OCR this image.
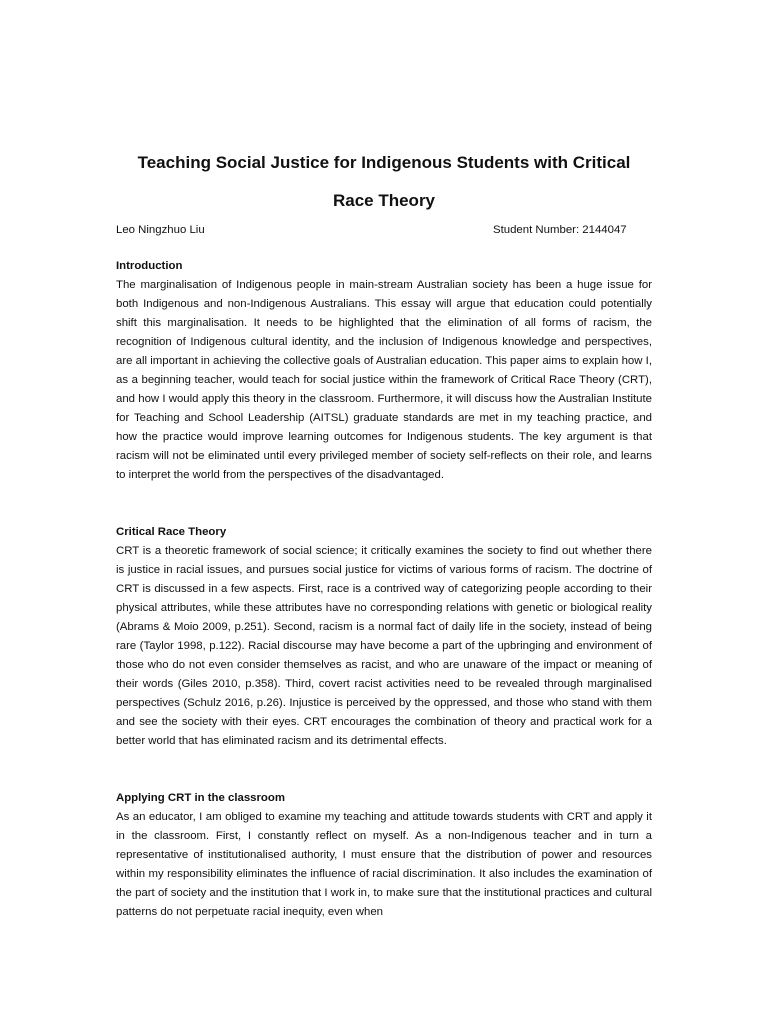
Teaching Social Justice for Indigenous Students with Critical
Race Theory
Leo Ningzhuo Liu	Student Number: 2144047
Introduction

The marginalisation of Indigenous people in main-stream Australian society has been a huge issue for both Indigenous and non-Indigenous Australians. This essay will argue that education could potentially shift this marginalisation. It needs to be highlighted that the elimination of all forms of racism, the recognition of Indigenous cultural identity, and the inclusion of Indigenous knowledge and perspectives, are all important in achieving the collective goals of Australian education. This paper aims to explain how I, as a beginning teacher, would teach for social justice within the framework of Critical Race Theory (CRT), and how I would apply this theory in the classroom. Furthermore, it will discuss how the Australian Institute for Teaching and School Leadership (AITSL) graduate standards are met in my teaching practice, and how the practice would improve learning outcomes for Indigenous students. The key argument is that racism will not be eliminated until every privileged member of society self-reflects on their role, and learns to interpret the world from the perspectives of the disadvantaged.

Critical Race Theory

CRT is a theoretic framework of social science; it critically examines the society to find out whether there is justice in racial issues, and pursues social justice for victims of various forms of racism. The doctrine of CRT is discussed in a few aspects. First, race is a contrived way of categorizing people according to their physical attributes, while these attributes have no corresponding relations with genetic or biological reality (Abrams & Moio 2009, p.251). Second, racism is a normal fact of daily life in the society, instead of being rare (Taylor 1998, p.122). Racial discourse may have become a part of the upbringing and environment of those who do not even consider themselves as racist, and who are unaware of the impact or meaning of their words (Giles 2010, p.358). Third, covert racist activities need to be revealed through marginalised perspectives (Schulz 2016, p.26). Injustice is perceived by the oppressed, and those who stand with them and see the society with their eyes. CRT encourages the combination of theory and practical work for a better world that has eliminated racism and its detrimental effects.

Applying CRT in the classroom

As an educator, I am obliged to examine my teaching and attitude towards students with CRT and apply it in the classroom. First, I constantly reflect on myself. As a non-Indigenous teacher and in turn a representative of institutionalised authority, I must ensure that the distribution of power and resources within my responsibility eliminates the influence of racial discrimination. It also includes the examination of the part of society and the institution that I work in, to make sure that the institutional practices and cultural patterns do not perpetuate racial inequity, even when
